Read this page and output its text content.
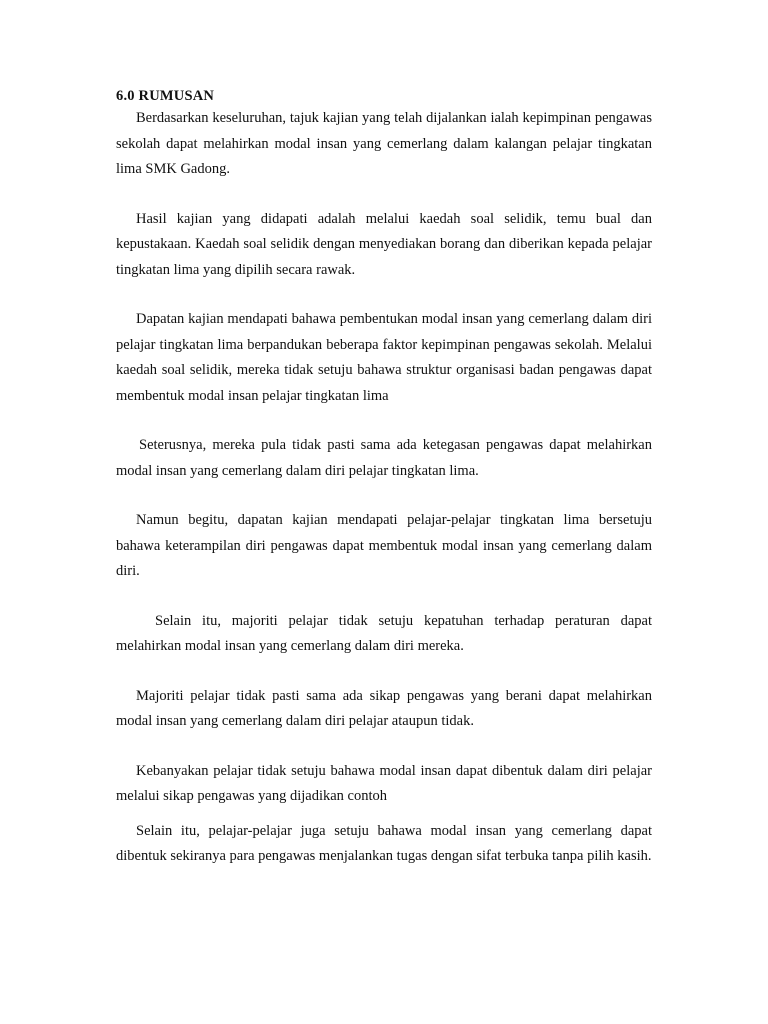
6.0 RUMUSAN

Berdasarkan keseluruhan, tajuk kajian yang telah dijalankan ialah kepimpinan pengawas sekolah dapat melahirkan modal insan yang cemerlang dalam kalangan pelajar tingkatan lima SMK Gadong.

Hasil kajian yang didapati adalah melalui kaedah soal selidik, temu bual dan kepustakaan. Kaedah soal selidik dengan menyediakan borang dan diberikan kepada pelajar tingkatan lima yang dipilih secara rawak.

Dapatan kajian mendapati bahawa pembentukan modal insan yang cemerlang dalam diri pelajar tingkatan lima berpandukan beberapa faktor kepimpinan pengawas sekolah. Melalui kaedah soal selidik, mereka tidak setuju bahawa struktur organisasi badan pengawas dapat membentuk modal insan pelajar tingkatan lima

Seterusnya, mereka pula tidak pasti sama ada ketegasan pengawas dapat melahirkan modal insan yang cemerlang dalam diri pelajar tingkatan lima.

Namun begitu, dapatan kajian mendapati pelajar-pelajar tingkatan lima bersetuju bahawa keterampilan diri pengawas dapat membentuk modal insan yang cemerlang dalam diri.

Selain itu, majoriti pelajar tidak setuju kepatuhan terhadap peraturan dapat melahirkan modal insan yang cemerlang dalam diri mereka.

Majoriti pelajar tidak pasti sama ada sikap pengawas yang berani dapat melahirkan modal insan yang cemerlang dalam diri pelajar ataupun tidak.

Kebanyakan pelajar tidak setuju bahawa modal insan dapat dibentuk dalam diri pelajar melalui sikap pengawas yang dijadikan contoh

Selain itu, pelajar-pelajar juga setuju bahawa modal insan yang cemerlang dapat dibentuk sekiranya para pengawas menjalankan tugas dengan sifat terbuka tanpa pilih kasih.
